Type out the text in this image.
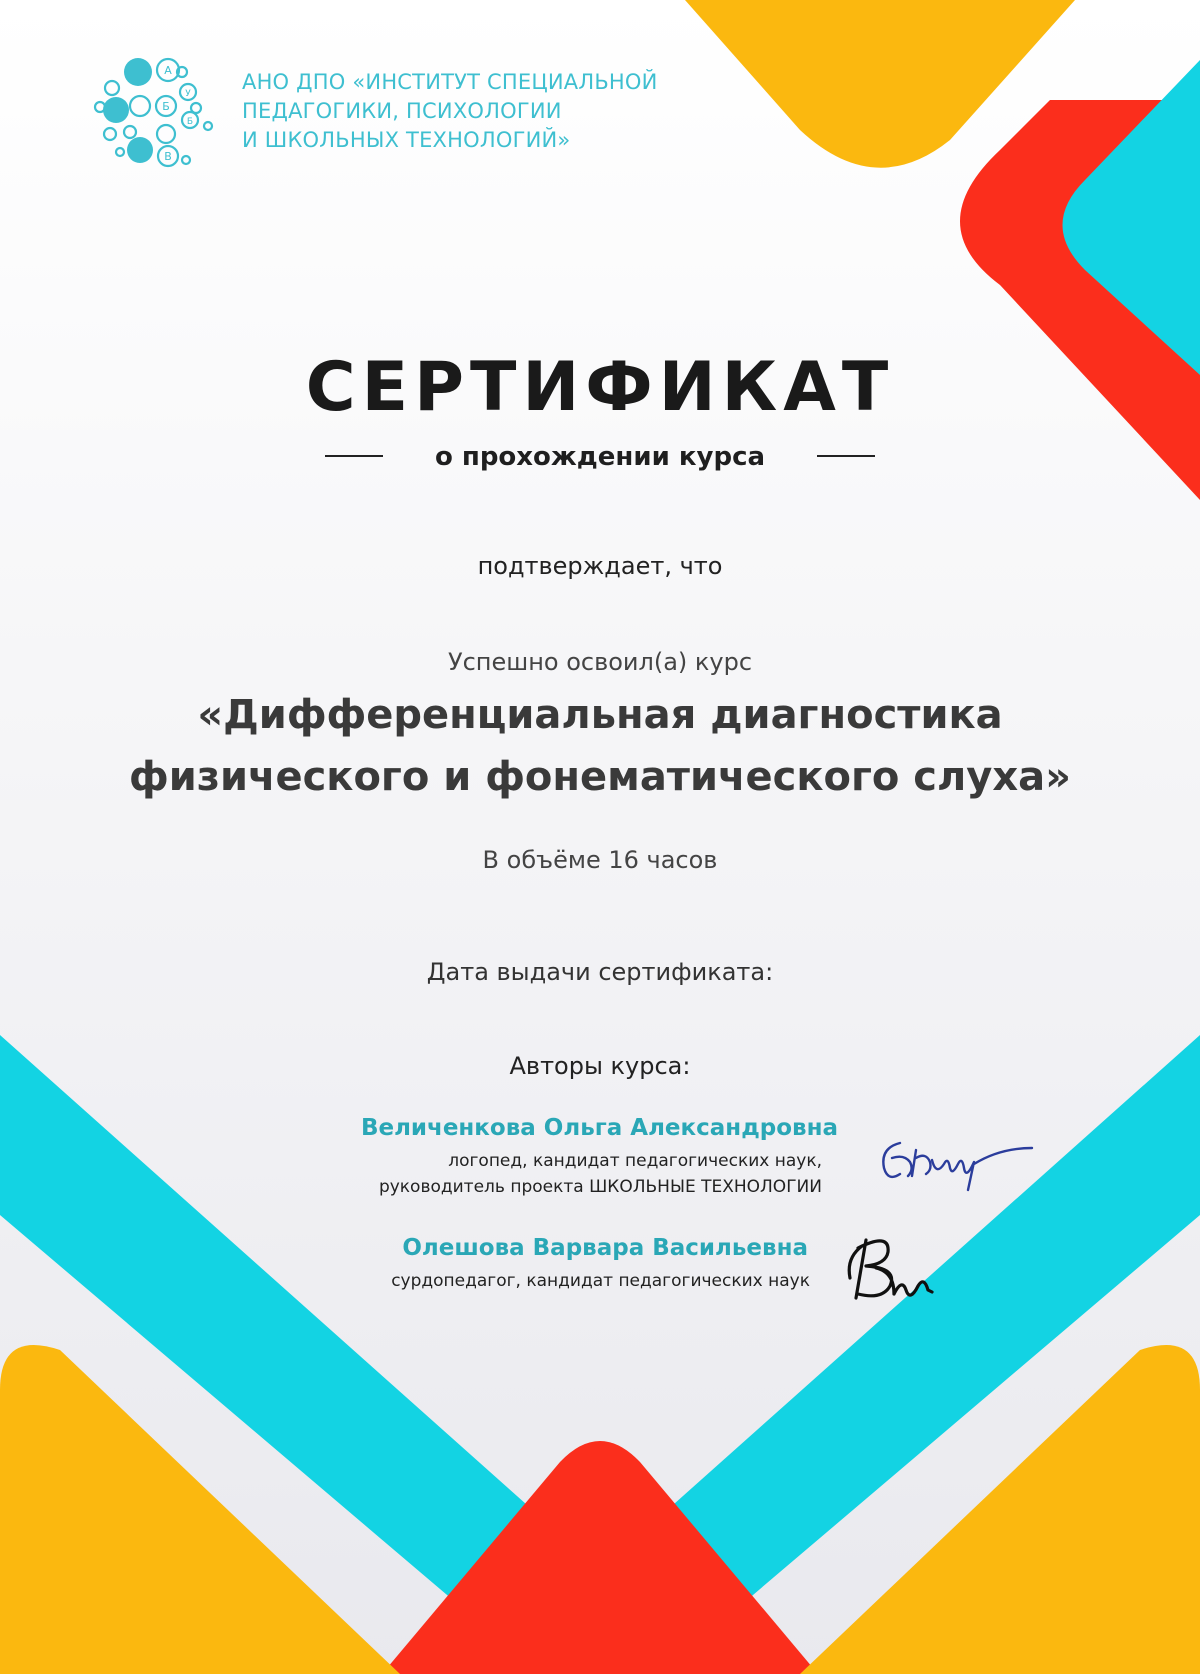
А
Б
В
У
Б
АНО ДПО «ИНСТИТУТ СПЕЦИАЛЬНОЙ
ПЕДАГОГИКИ, ПСИХОЛОГИИ
И ШКОЛЬНЫХ ТЕХНОЛОГИЙ»
СЕРТИФИКАТ
о прохождении курса
подтверждает, что
Успешно освоил(а) курс
«Дифференциальная диагностика
физического и фонематического слуха»
В объёме 16 часов
Дата выдачи сертификата:
Авторы курса:
Величенкова Ольга Александровна
логопед, кандидат педагогических наук,
руководитель проекта ШКОЛЬНЫЕ ТЕХНОЛОГИИ
Олешова Варвара Васильевна
сурдопедагог, кандидат педагогических наук
